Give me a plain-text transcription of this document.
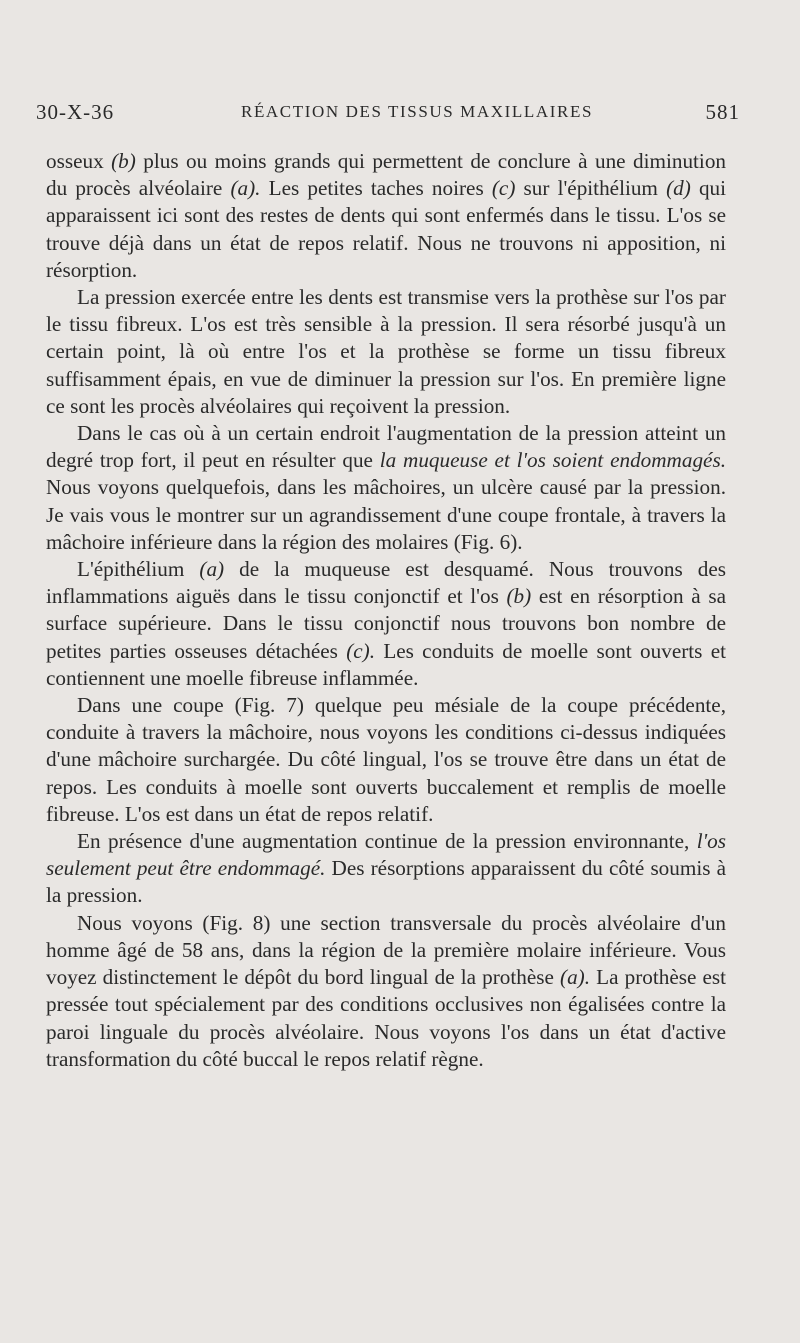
30-X-36	RÉACTION DES TISSUS MAXILLAIRES	581

osseux (b) plus ou moins grands qui permettent de conclure à une diminution du procès alvéolaire (a). Les petites taches noires (c) sur l'épithélium (d) qui apparaissent ici sont des restes de dents qui sont enfermés dans le tissu. L'os se trouve déjà dans un état de repos relatif. Nous ne trouvons ni apposition, ni résorption.

La pression exercée entre les dents est transmise vers la prothèse sur l'os par le tissu fibreux. L'os est très sensible à la pression. Il sera résorbé jusqu'à un certain point, là où entre l'os et la prothèse se forme un tissu fibreux suffisamment épais, en vue de diminuer la pression sur l'os. En première ligne ce sont les procès alvéolaires qui reçoivent la pression.

Dans le cas où à un certain endroit l'augmentation de la pression atteint un degré trop fort, il peut en résulter que la muqueuse et l'os soient endommagés. Nous voyons quelquefois, dans les mâchoires, un ulcère causé par la pression. Je vais vous le montrer sur un agrandissement d'une coupe frontale, à travers la mâchoire inférieure dans la région des molaires (Fig. 6).

L'épithélium (a) de la muqueuse est desquamé. Nous trouvons des inflammations aiguës dans le tissu conjonctif et l'os (b) est en résorption à sa surface supérieure. Dans le tissu conjonctif nous trouvons bon nombre de petites parties osseuses détachées (c). Les conduits de moelle sont ouverts et contiennent une moelle fibreuse inflammée.

Dans une coupe (Fig. 7) quelque peu mésiale de la coupe précédente, conduite à travers la mâchoire, nous voyons les conditions ci-dessus indiquées d'une mâchoire surchargée. Du côté lingual, l'os se trouve être dans un état de repos. Les conduits à moelle sont ouverts buccalement et remplis de moelle fibreuse. L'os est dans un état de repos relatif.

En présence d'une augmentation continue de la pression environnante, l'os seulement peut être endommagé. Des résorptions apparaissent du côté soumis à la pression.

Nous voyons (Fig. 8) une section transversale du procès alvéolaire d'un homme âgé de 58 ans, dans la région de la première molaire inférieure. Vous voyez distinctement le dépôt du bord lingual de la prothèse (a). La prothèse est pressée tout spécialement par des conditions occlusives non égalisées contre la paroi linguale du procès alvéolaire. Nous voyons l'os dans un état d'active transformation du côté buccal le repos relatif règne.
